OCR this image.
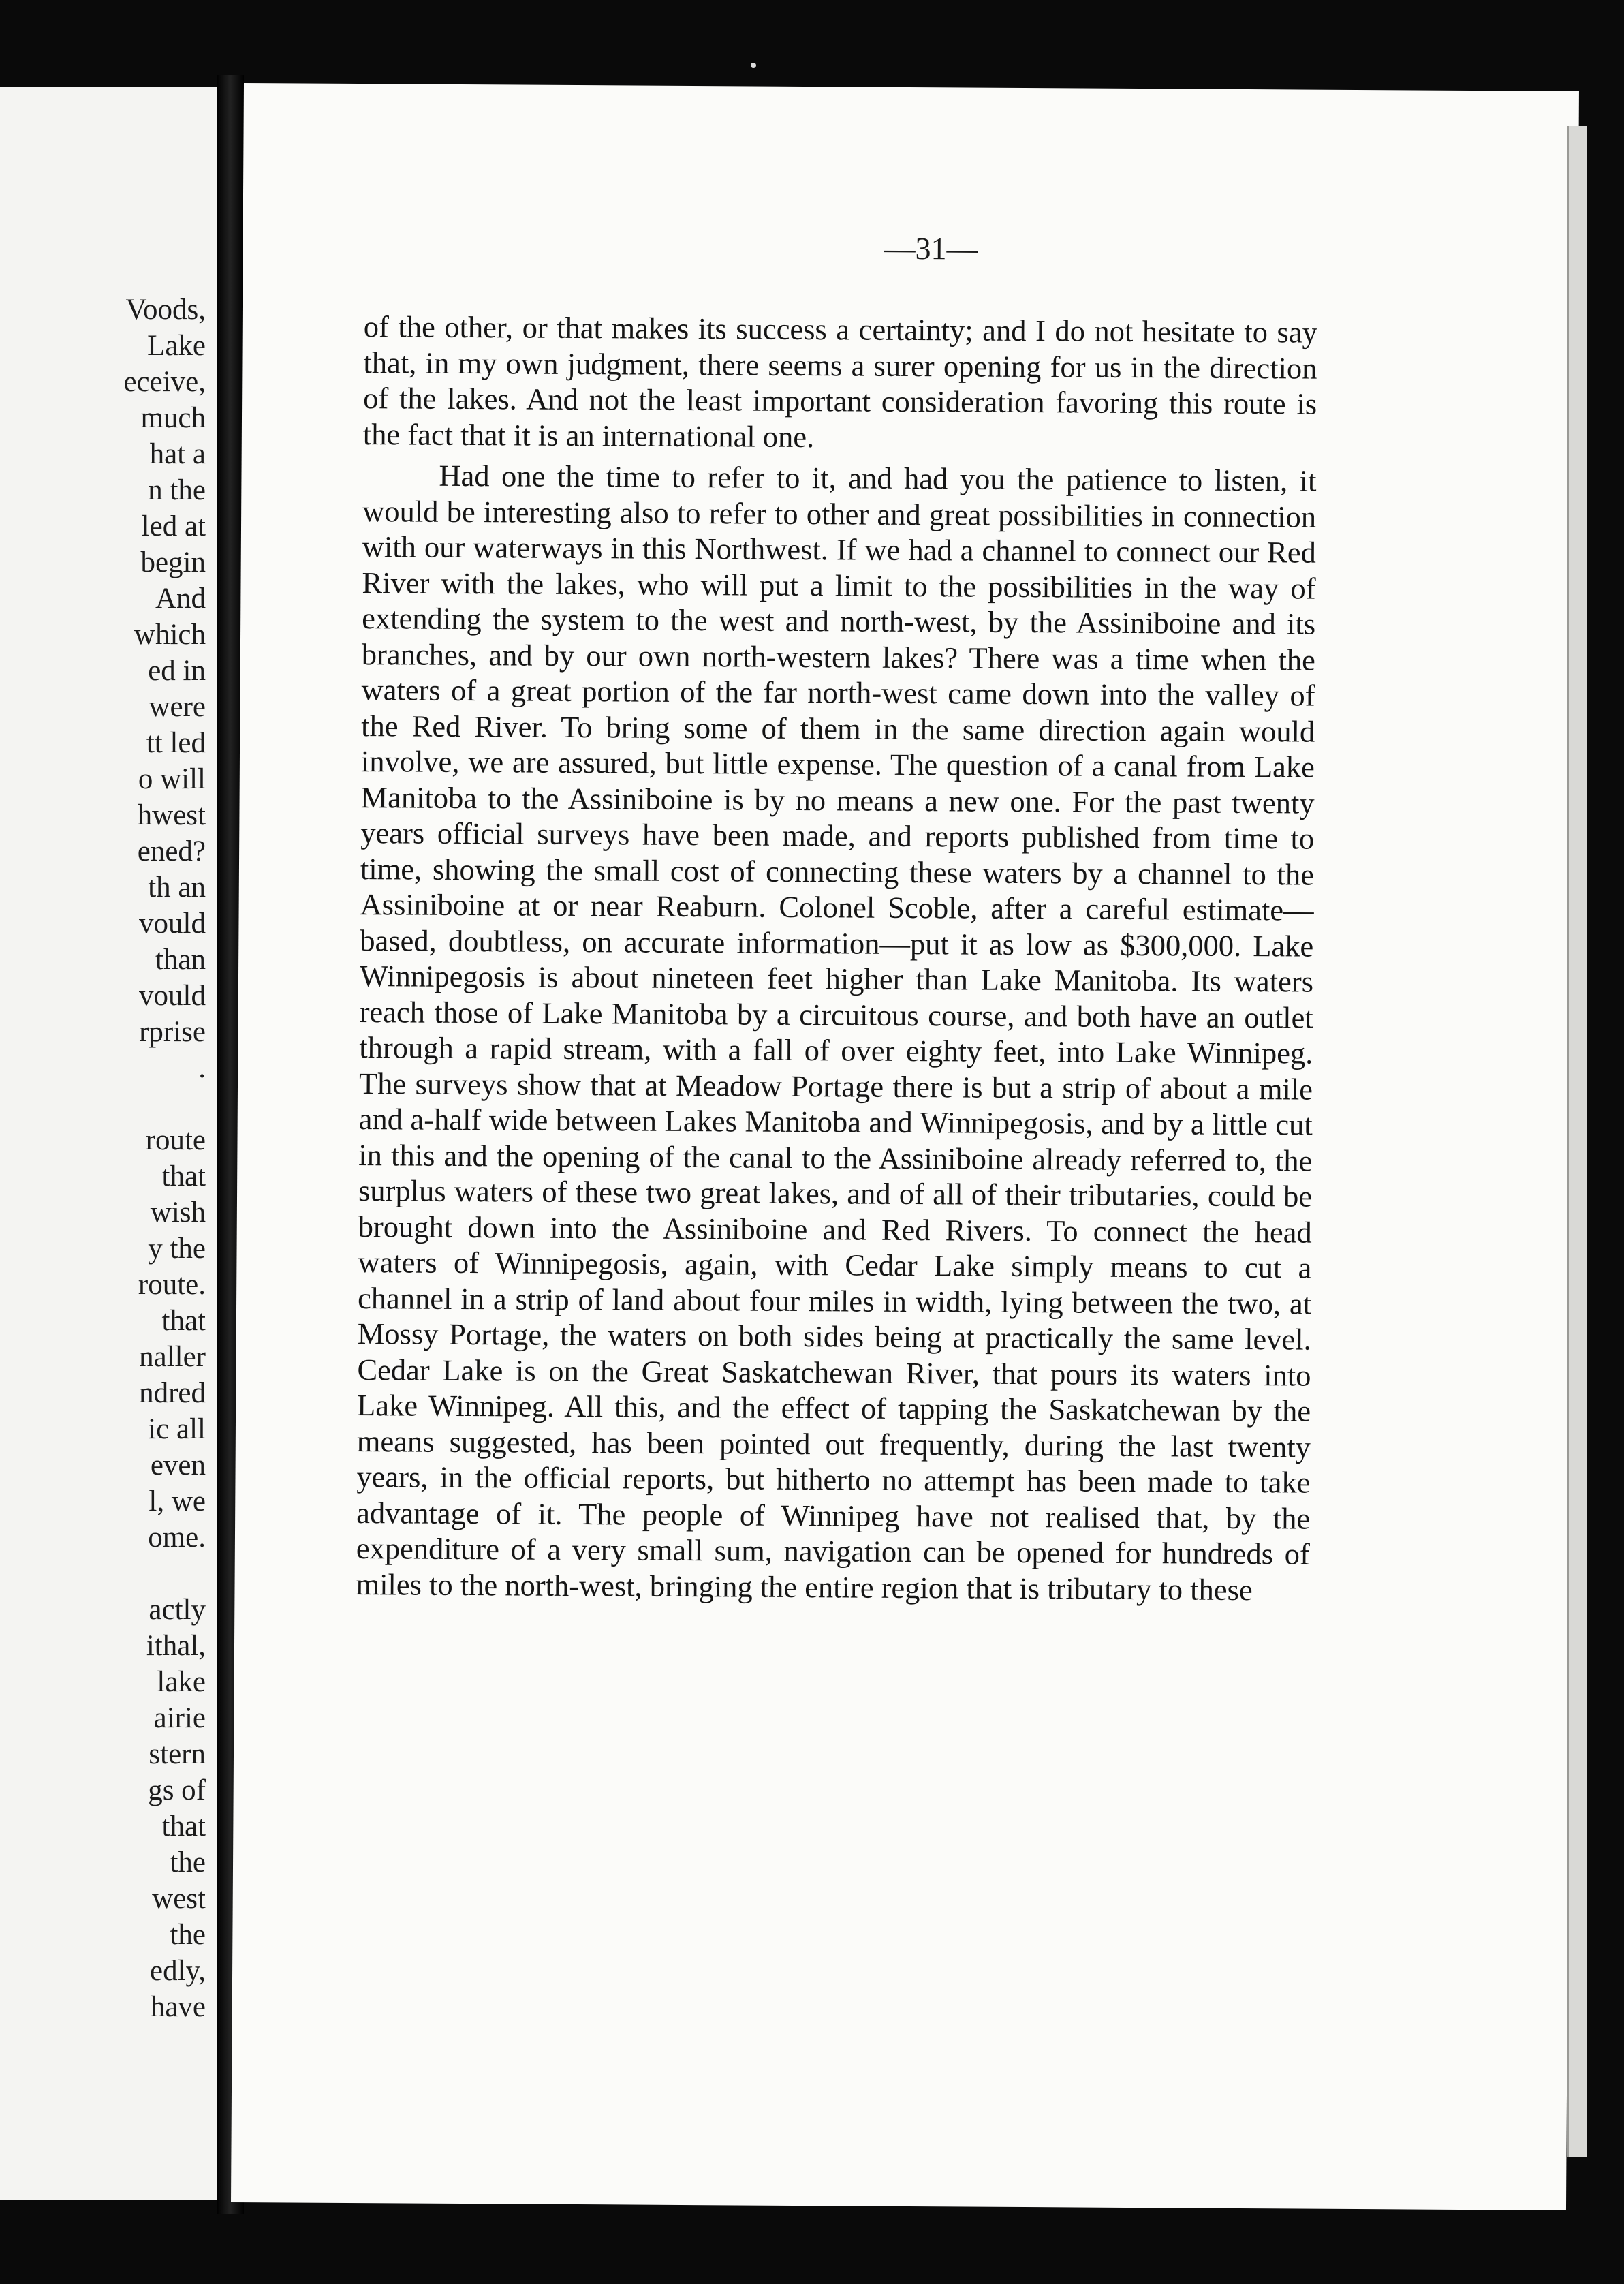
Voods,
Lake
eceive,
much
hat a
n the
led at
begin
And
which
ed in
were
tt led
o will
hwest
ened?
th an
vould
than
vould
rprise
.
route
that
wish
y the
route.
that
naller
ndred
ic all
even
l, we
ome.
actly
ithal,
lake
airie
stern
gs of
that
the
west
the
edly,
have
—31—

of the other, or that makes its success a certainty; and I do not hesitate to say that, in my own judgment, there seems a surer opening for us in the direction of the lakes. And not the least important consideration favoring this route is the fact that it is an international one.

Had one the time to refer to it, and had you the patience to listen, it would be interesting also to refer to other and great possibilities in connection with our waterways in this Northwest. If we had a channel to connect our Red River with the lakes, who will put a limit to the possibilities in the way of extending the system to the west and north-west, by the Assiniboine and its branches, and by our own north-western lakes? There was a time when the waters of a great portion of the far north-west came down into the valley of the Red River. To bring some of them in the same direction again would involve, we are assured, but little expense. The question of a canal from Lake Manitoba to the Assiniboine is by no means a new one. For the past twenty years official surveys have been made, and reports published from time to time, showing the small cost of connecting these waters by a channel to the Assiniboine at or near Reaburn. Colonel Scoble, after a careful estimate—based, doubtless, on accurate information—put it as low as $300,000. Lake Winnipegosis is about nineteen feet higher than Lake Manitoba. Its waters reach those of Lake Manitoba by a circuitous course, and both have an outlet through a rapid stream, with a fall of over eighty feet, into Lake Winnipeg. The surveys show that at Meadow Portage there is but a strip of about a mile and a-half wide between Lakes Manitoba and Winnipegosis, and by a little cut in this and the opening of the canal to the Assiniboine already referred to, the surplus waters of these two great lakes, and of all of their tributaries, could be brought down into the Assiniboine and Red Rivers. To connect the head waters of Winnipegosis, again, with Cedar Lake simply means to cut a channel in a strip of land about four miles in width, lying between the two, at Mossy Portage, the waters on both sides being at practically the same level. Cedar Lake is on the Great Saskatchewan River, that pours its waters into Lake Winnipeg. All this, and the effect of tapping the Saskatchewan by the means suggested, has been pointed out frequently, during the last twenty years, in the official reports, but hitherto no attempt has been made to take advantage of it. The people of Winnipeg have not realised that, by the expenditure of a very small sum, navigation can be opened for hundreds of miles to the north-west, bringing the entire region that is tributary to these
